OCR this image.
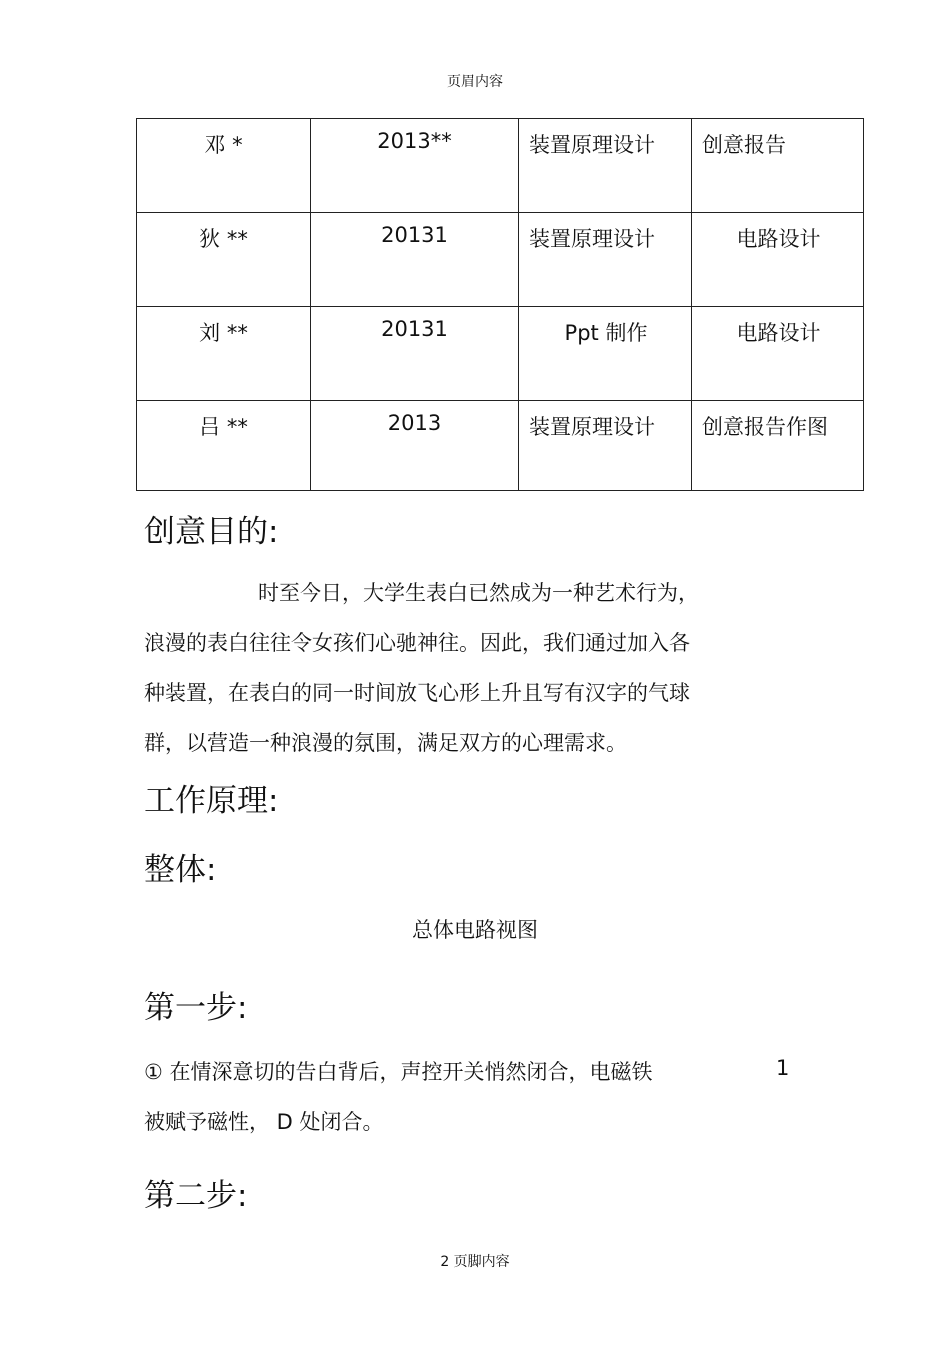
页眉内容
邓 *	2013**	装置原理设计	创意报告
狄 **	20131	装置原理设计	电路设计
刘 **	20131	Ppt 制作	电路设计
吕 **	2013	装置原理设计	创意报告作图
创意目的:
时至今日，大学生表白已然成为一种艺术行为，
浪漫的表白往往令女孩们心驰神往。因此，我们通过加入各
种装置，在表白的同一时间放飞心形上升且写有汉字的气球
群，以营造一种浪漫的氛围，满足双方的心理需求。
工作原理:
整体:
总体电路视图
第一步:
① 在情深意切的告白背后，声控开关悄然闭合，电磁铁	1
被赋予磁性， D 处闭合。
第二步:
2 页脚内容
